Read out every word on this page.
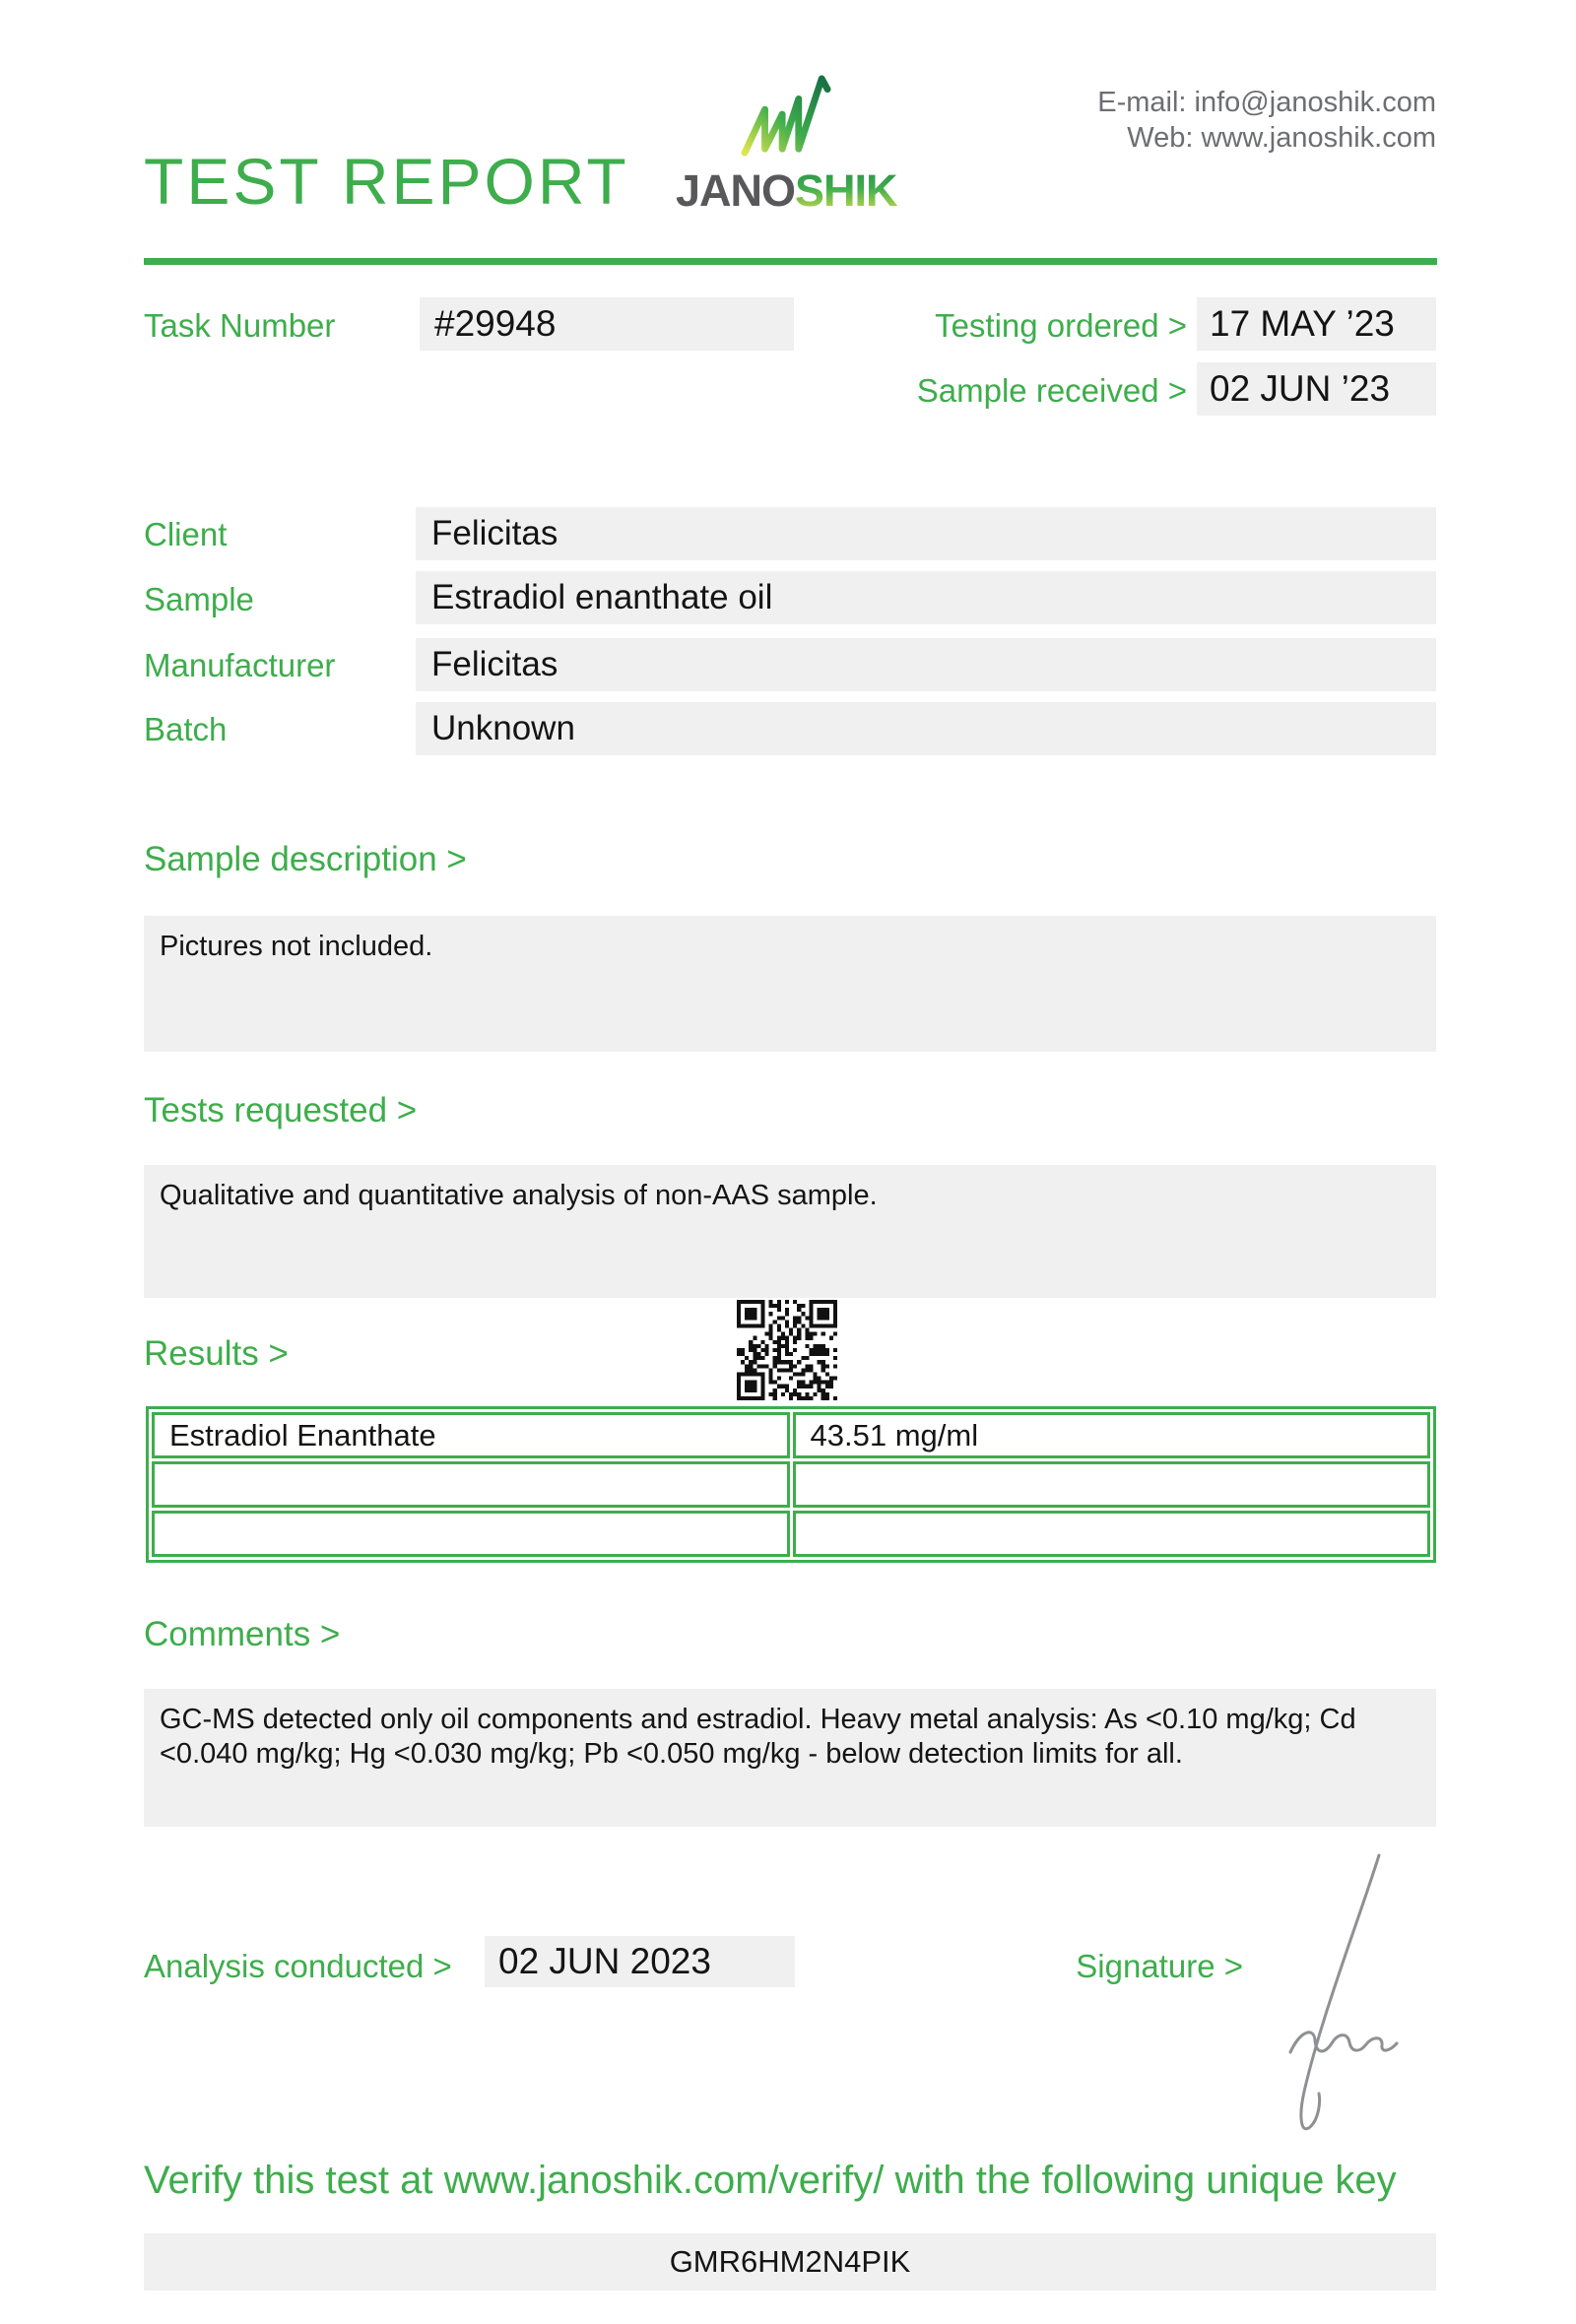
TEST REPORT JANOSHIK
E-mail: info@janoshik.com
Web: www.janoshik.com
Task Number	#29948	Testing ordered > 17 MAY ’23
Sample received > 02 JUN ’23
Client	Felicitas
Sample	Estradiol enanthate oil
Manufacturer	Felicitas
Batch	Unknown
Sample description >
Pictures not included.
Tests requested >
Qualitative and quantitative analysis of non-AAS sample.
Results >
Estradiol Enanthate	43.51 mg/ml

Comments >
GC-MS detected only oil components and estradiol. Heavy metal analysis: As <0.10 mg/kg; Cd <0.040 mg/kg; Hg <0.030 mg/kg; Pb <0.050 mg/kg - below detection limits for all.
Analysis conducted >	02 JUN 2023	Signature >
Verify this test at www.janoshik.com/verify/ with the following unique key
GMR6HM2N4PIK
